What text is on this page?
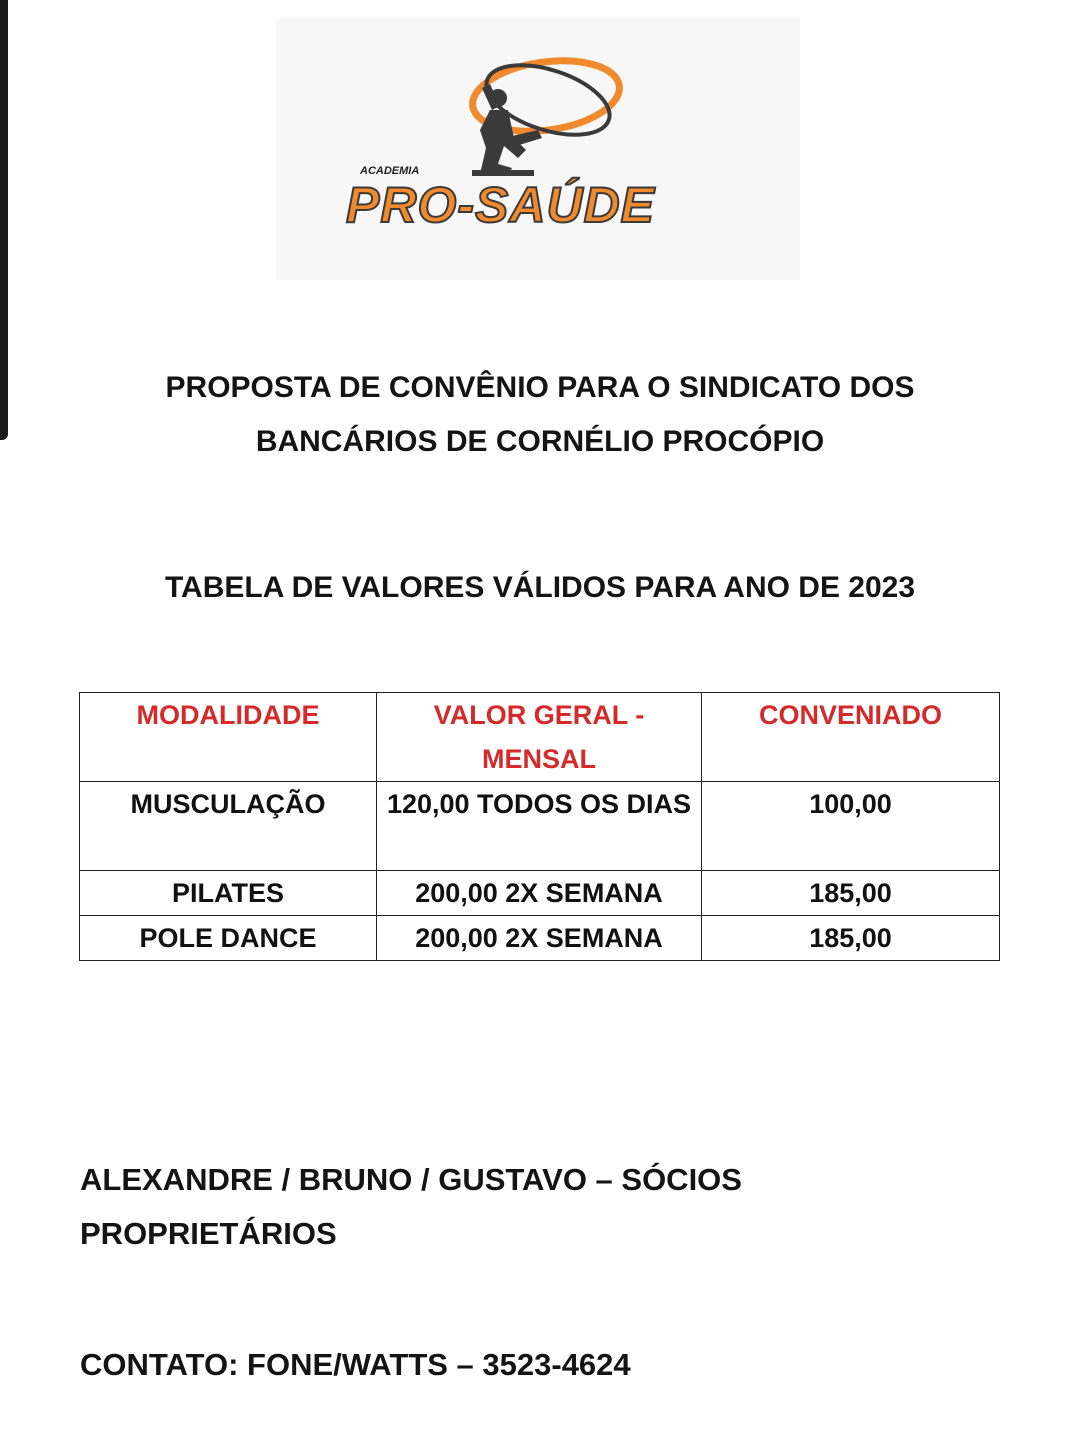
ACADEMIA
PRO-SAÚDE
PROPOSTA DE CONVÊNIO PARA O SINDICATO DOS
BANCÁRIOS DE CORNÉLIO PROCÓPIO
TABELA DE VALORES VÁLIDOS PARA ANO DE 2023
MODALIDADE	VALOR GERAL - MENSAL	CONVENIADO
MUSCULAÇÃO	120,00 TODOS OS DIAS	100,00
PILATES	200,00 2X SEMANA	185,00
POLE DANCE	200,00 2X SEMANA	185,00
ALEXANDRE / BRUNO / GUSTAVO – SÓCIOS PROPRIETÁRIOS
CONTATO: FONE/WATTS – 3523-4624
